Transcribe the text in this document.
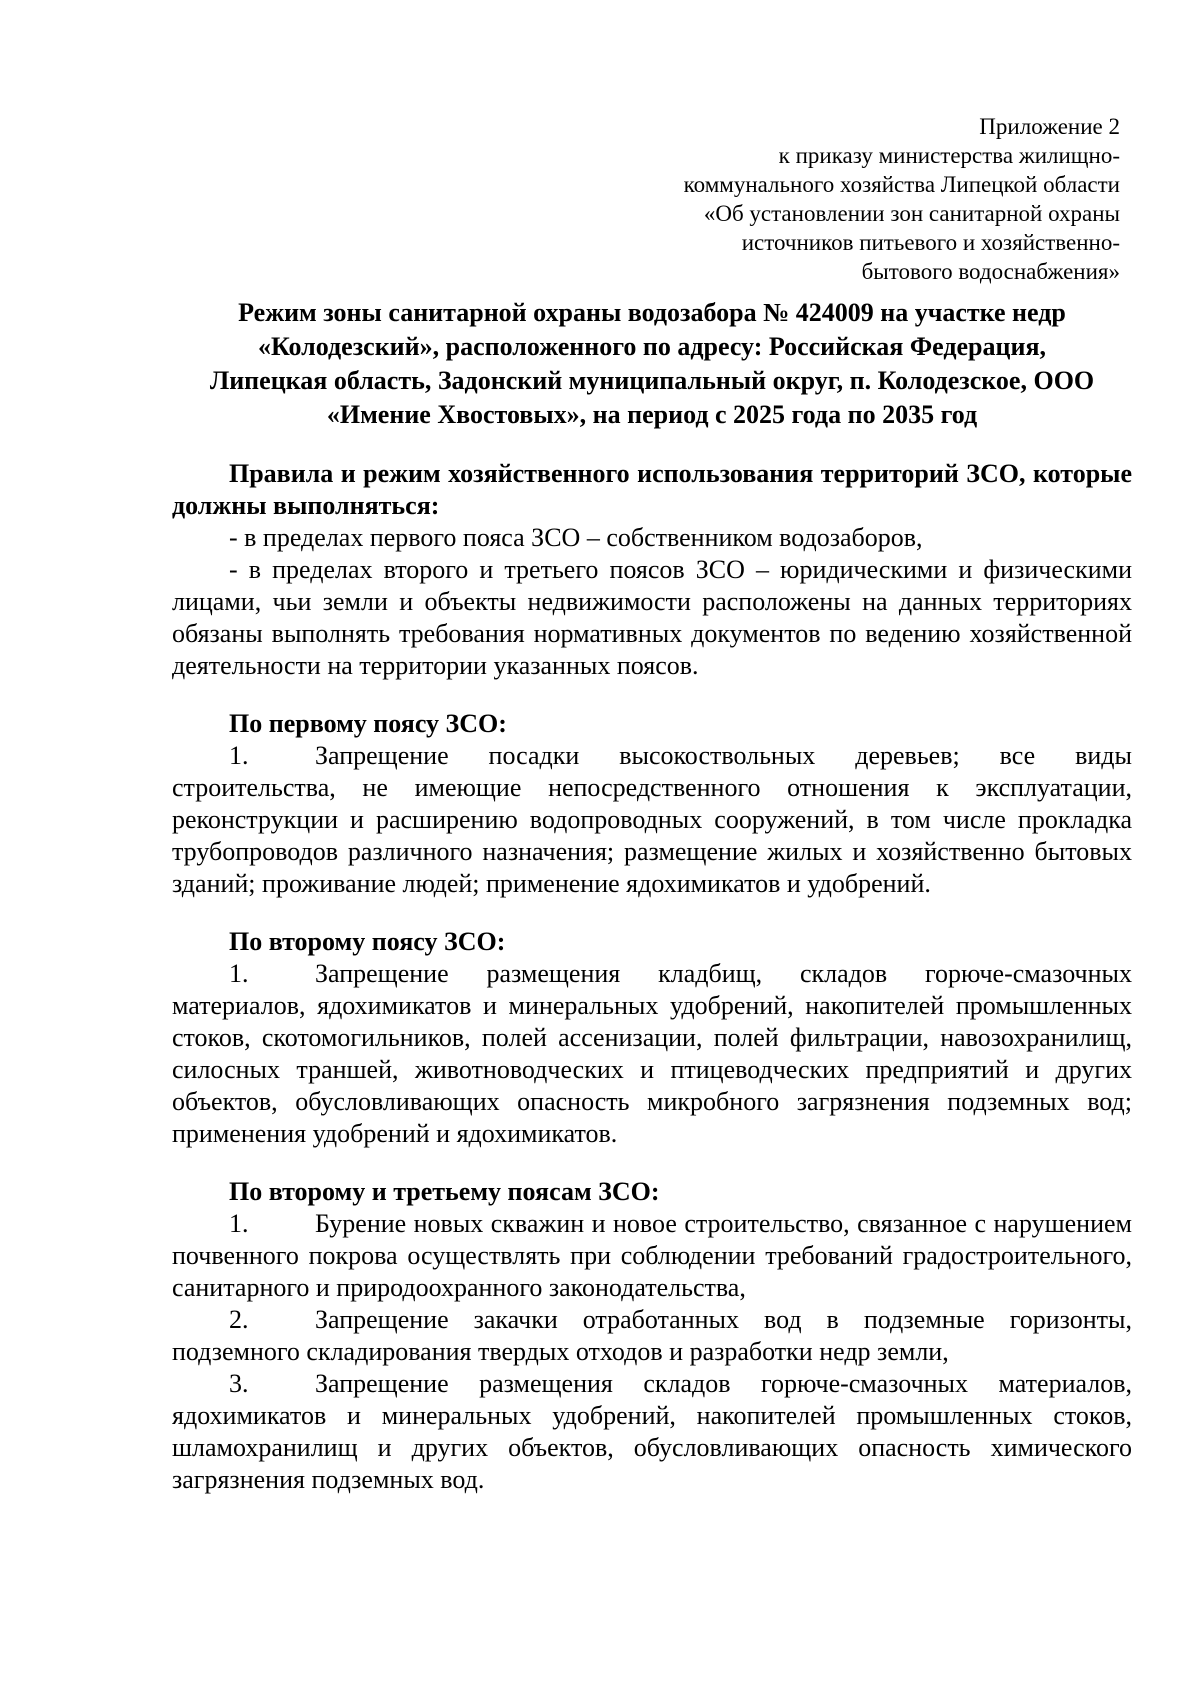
Приложение 2
к приказу министерства жилищно-
коммунального хозяйства Липецкой области
«Об установлении зон санитарной охраны
источников питьевого и хозяйственно-
бытового водоснабжения»
Режим зоны санитарной охраны водозабора № 424009 на участке недр
«Колодезский», расположенного по адресу: Российская Федерация,
Липецкая область, Задонский муниципальный округ, п. Колодезское, ООО
«Имение Хвостовых», на период с 2025 года по 2035 год

Правила и режим хозяйственного использования территорий ЗСО, которые должны выполняться:

- в пределах первого пояса ЗСО – собственником водозаборов,

- в пределах второго и третьего поясов ЗСО – юридическими и физическими лицами, чьи земли и объекты недвижимости расположены на данных территориях обязаны выполнять требования нормативных документов по ведению хозяйственной деятельности на территории указанных поясов.

По первому поясу ЗСО:

1.	Запрещение посадки высокоствольных деревьев; все виды строительства, не имеющие непосредственного отношения к эксплуатации, реконструкции и расширению водопроводных сооружений, в том числе прокладка трубопроводов различного назначения; размещение жилых и хозяйственно бытовых зданий; проживание людей; применение ядохимикатов и удобрений.

По второму поясу ЗСО:

1.	Запрещение размещения кладбищ, складов горюче-смазочных материалов, ядохимикатов и минеральных удобрений, накопителей промышленных стоков, скотомогильников, полей ассенизации, полей фильтрации, навозохранилищ, силосных траншей, животноводческих и птицеводческих предприятий и других объектов, обусловливающих опасность микробного загрязнения подземных вод; применения удобрений и ядохимикатов.

По второму и третьему поясам ЗСО:

1.	Бурение новых скважин и новое строительство, связанное с нарушением почвенного покрова осуществлять при соблюдении требований градостроительного, санитарного и природоохранного законодательства,

2.	Запрещение закачки отработанных вод в подземные горизонты, подземного складирования твердых отходов и разработки недр земли,

3.	Запрещение размещения складов горюче-смазочных материалов, ядохимикатов и минеральных удобрений, накопителей промышленных стоков, шламохранилищ и других объектов, обусловливающих опасность химического загрязнения подземных вод.
